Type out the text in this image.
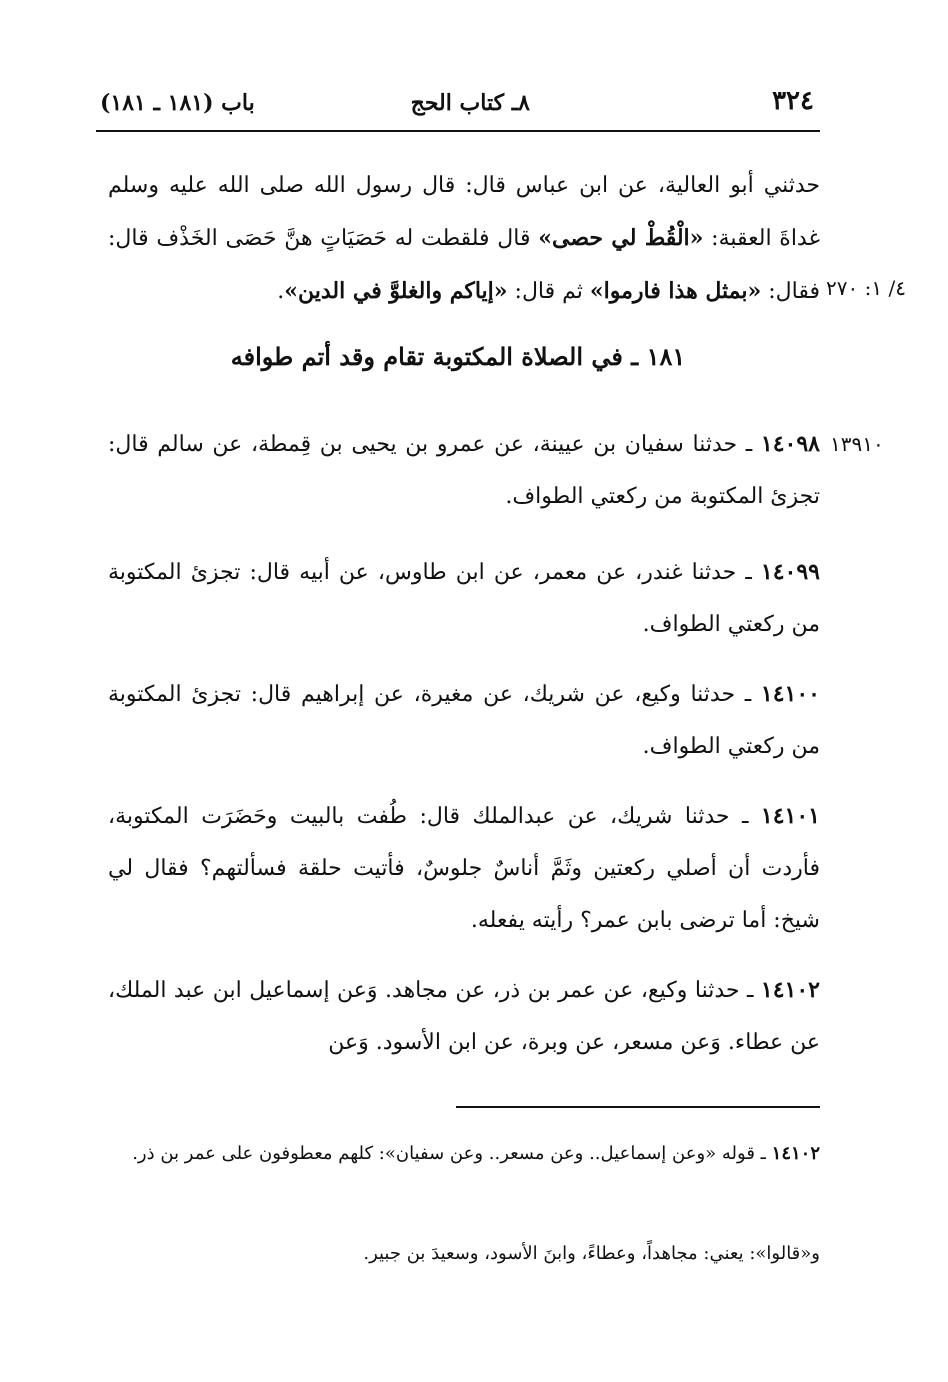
٣٢٤
٨ـ كتاب الحج
باب (١٨١ ـ ١٨١)
حدثني أبو العالية، عن ابن عباس قال: قال رسول الله صلى الله عليه وسلم غداةَ العقبة: «الْقُطْ لي حصى» قال فلقطت له حَصَيَاتٍ هنَّ حَصَى الخَذْف قال: فقال: «بمثل هذا فارموا» ثم قال: «إياكم والغلوَّ في الدين».	٤/ ١: ٢٧٠
١٨١ ـ في الصلاة المكتوبة تقام وقد أتم طوافه
١٤٠٩٨ ـ حدثنا سفيان بن عيينة، عن عمرو بن يحيى بن قِمطة، عن سالم قال: تجزئ المكتوبة من ركعتي الطواف.
١٣٩١٠
١٤٠٩٩ ـ حدثنا غندر، عن معمر، عن ابن طاوس، عن أبيه قال: تجزئ المكتوبة من ركعتي الطواف.
١٤١٠٠ ـ حدثنا وكيع، عن شريك، عن مغيرة، عن إبراهيم قال: تجزئ المكتوبة من ركعتي الطواف.
١٤١٠١ ـ حدثنا شريك، عن عبدالملك قال: طُفت بالبيت وحَضَرَت المكتوبة، فأردت أن أصلي ركعتين وثَمَّ أناسٌ جلوسٌ، فأتيت حلقة فسألتهم؟ فقال لي شيخ: أما ترضى بابن عمر؟ رأيته يفعله.
١٤١٠٢ ـ حدثنا وكيع، عن عمر بن ذر، عن مجاهد. وَعن إسماعيل ابن عبد الملك، عن عطاء. وَعن مسعر، عن وبرة، عن ابن الأسود. وَعن
١٤١٠٢ ـ قوله «وعن إسماعيل.. وعن مسعر.. وعن سفيان»: كلهم معطوفون على عمر بن ذر.
و«قالوا»: يعني: مجاهداً، وعطاءً، وابنَ الأسود، وسعيدَ بن جبير.
